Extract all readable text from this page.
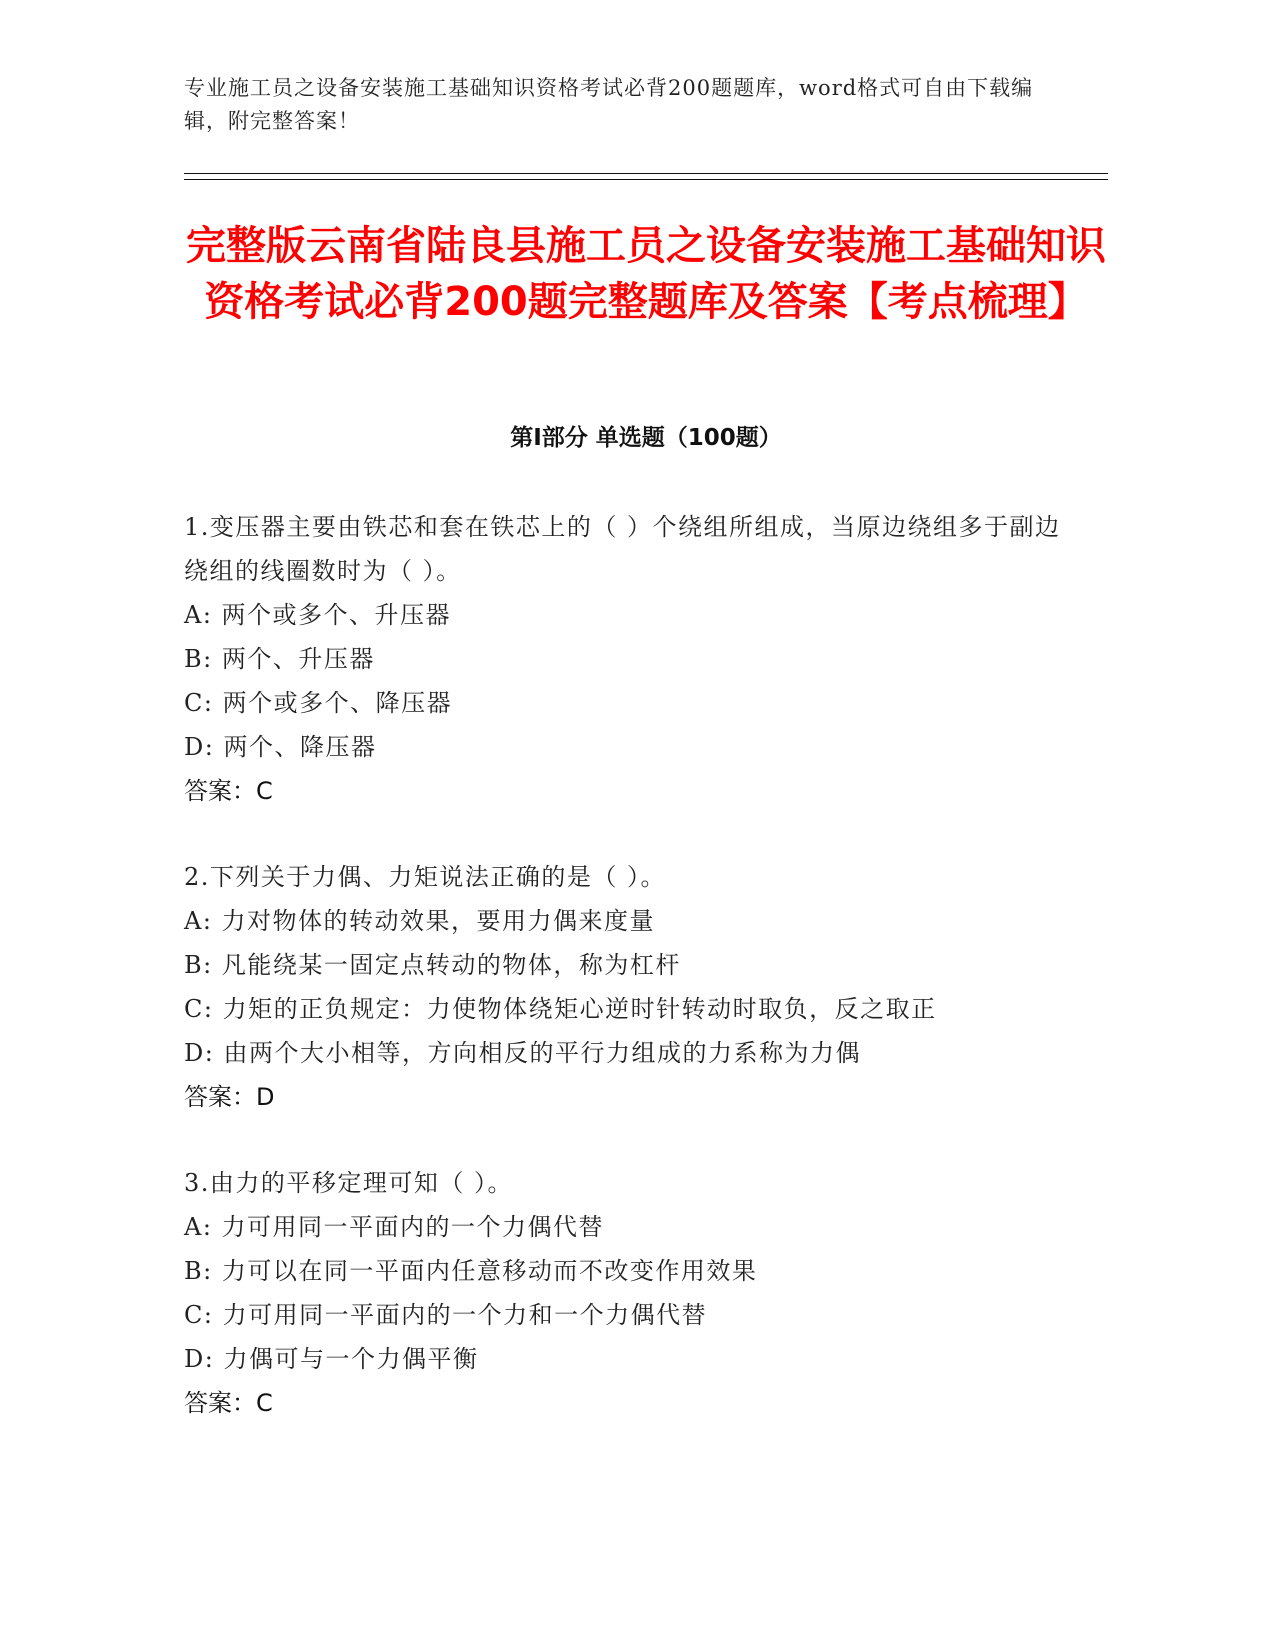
专业施工员之设备安装施工基础知识资格考试必背200题题库，word格式可自由下载编辑，附完整答案！
完整版云南省陆良县施工员之设备安装施工基础知识资格考试必背200题完整题库及答案【考点梳理】
第I部分 单选题（100题）
1.变压器主要由铁芯和套在铁芯上的（ ）个绕组所组成，当原边绕组多于副边绕组的线圈数时为（ ）。
A: 两个或多个、升压器
B: 两个、升压器
C: 两个或多个、降压器
D: 两个、降压器
答案：C
2.下列关于力偶、力矩说法正确的是（ ）。
A: 力对物体的转动效果，要用力偶来度量
B: 凡能绕某一固定点转动的物体，称为杠杆
C: 力矩的正负规定：力使物体绕矩心逆时针转动时取负，反之取正
D: 由两个大小相等，方向相反的平行力组成的力系称为力偶
答案：D
3.由力的平移定理可知（ ）。
A: 力可用同一平面内的一个力偶代替
B: 力可以在同一平面内任意移动而不改变作用效果
C: 力可用同一平面内的一个力和一个力偶代替
D: 力偶可与一个力偶平衡
答案：C
